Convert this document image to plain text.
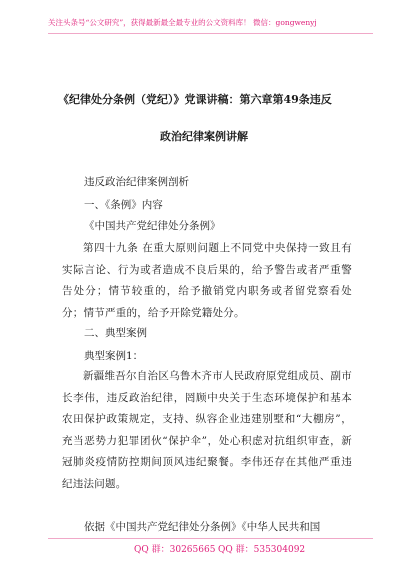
关注头条号“公文研究”，获得最新最全最专业的公文资料库！ 微信：gongwenyj
《纪律处分条例（党纪）》党课讲稿：第六章第49条违反
政治纪律案例讲解
违反政治纪律案例剖析
一、《条例》内容
《中国共产党纪律处分条例》
第四十九条 在重大原则问题上不同党中央保持一致且有实际言论、行为或者造成不良后果的，给予警告或者严重警告处分；情节较重的，给予撤销党内职务或者留党察看处分；情节严重的，给予开除党籍处分。
二、典型案例
典型案例1：
新疆维吾尔自治区乌鲁木齐市人民政府原党组成员、副市长李伟，违反政治纪律，罔顾中央关于生态环境保护和基本农田保护政策规定，支持、纵容企业违建别墅和“大棚房”，充当恶势力犯罪团伙“保护伞”，处心积虑对抗组织审查，新冠肺炎疫情防控期间顶风违纪聚餐。李伟还存在其他严重违纪违法问题。
依据《中国共产党纪律处分条例》《中华人民共和国
QQ 群：30265665 QQ 群：535304092
